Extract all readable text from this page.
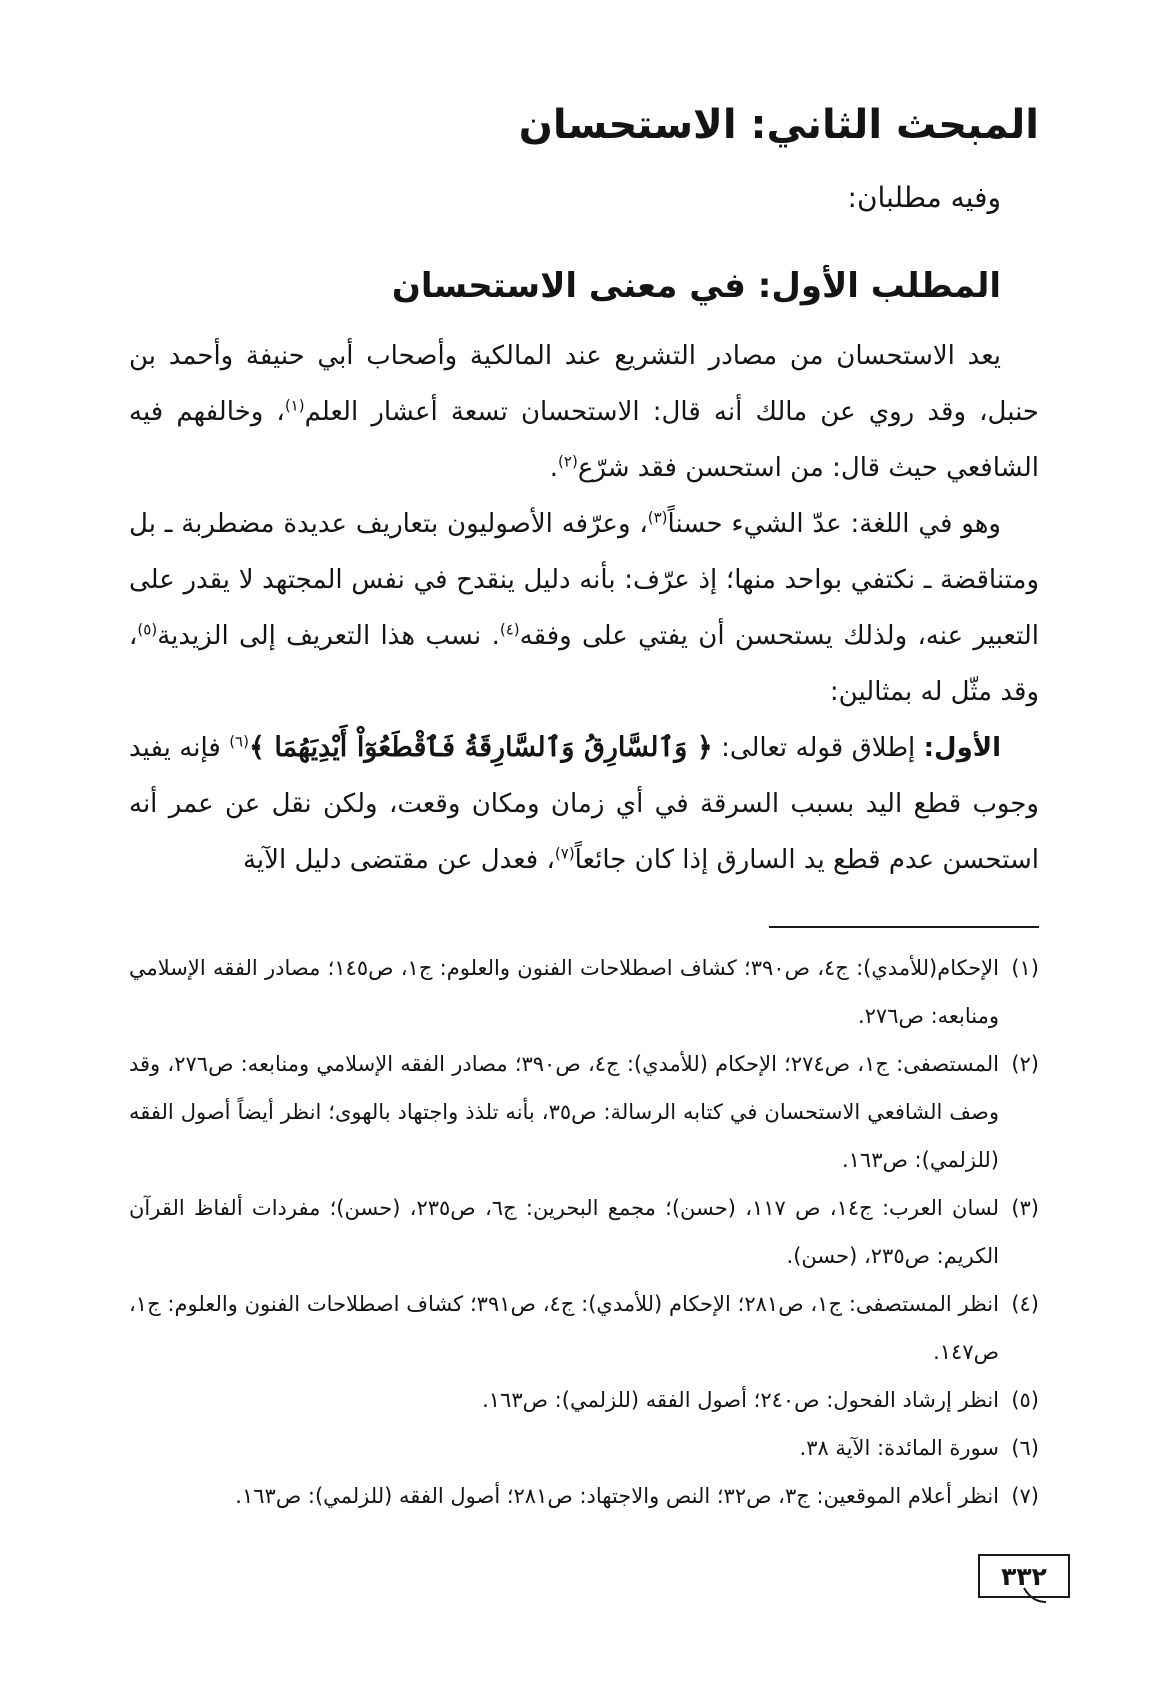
المبحث الثاني: الاستحسان
وفيه مطلبان:
المطلب الأول: في معنى الاستحسان

يعد الاستحسان من مصادر التشريع عند المالكية وأصحاب أبي حنيفة وأحمد بن حنبل، وقد روي عن مالك أنه قال: الاستحسان تسعة أعشار العلم$^{(١)}$، وخالفهم فيه الشافعي حيث قال: من استحسن فقد شرّع$^{(٢)}$.

وهو في اللغة: عدّ الشيء حسناً$^{(٣)}$، وعرّفه الأصوليون بتعاريف عديدة مضطربة ـ بل ومتناقضة ـ نكتفي بواحد منها؛ إذ عرّف: بأنه دليل ينقدح في نفس المجتهد لا يقدر على التعبير عنه، ولذلك يستحسن أن يفتي على وفقه$^{(٤)}$. نسب هذا التعريف إلى الزيدية$^{(٥)}$، وقد مثّل له بمثالين:

الأول: إطلاق قوله تعالى: ﴿ وَٱلسَّارِقُ وَٱلسَّارِقَةُ فَٱقْطَعُوٓاْ أَيْدِيَهُمَا ﴾$^{(٦)}$ فإنه يفيد وجوب قطع اليد بسبب السرقة في أي زمان ومكان وقعت، ولكن نقل عن عمر أنه استحسن عدم قطع يد السارق إذا كان جائعاً$^{(٧)}$، فعدل عن مقتضى دليل الآية

(١)
الإحكام(للأمدي): ج٤، ص٣٩٠؛ كشاف اصطلاحات الفنون والعلوم: ج١، ص١٤٥؛ مصادر الفقه الإسلامي ومنابعه: ص٢٧٦.
(٢)
المستصفى: ج١، ص٢٧٤؛ الإحكام (للأمدي): ج٤، ص٣٩٠؛ مصادر الفقه الإسلامي ومنابعه: ص٢٧٦، وقد وصف الشافعي الاستحسان في كتابه الرسالة: ص٣٥، بأنه تلذذ واجتهاد بالهوى؛ انظر أيضاً أصول الفقه (للزلمي): ص١٦٣.
(٣)
لسان العرب: ج١٤، ص ١١٧، (حسن)؛ مجمع البحرين: ج٦، ص٢٣٥، (حسن)؛ مفردات ألفاظ القرآن الكريم: ص٢٣٥، (حسن).
(٤)
انظر المستصفى: ج١، ص٢٨١؛ الإحكام (للأمدي): ج٤، ص٣٩١؛ كشاف اصطلاحات الفنون والعلوم: ج١، ص١٤٧.
(٥)
انظر إرشاد الفحول: ص٢٤٠؛ أصول الفقه (للزلمي): ص١٦٣.
(٦)
سورة المائدة: الآية ٣٨.
(٧)
انظر أعلام الموقعين: ج٣، ص٣٢؛ النص والاجتهاد: ص٢٨١؛ أصول الفقه (للزلمي): ص١٦٣.
٣٣٢
